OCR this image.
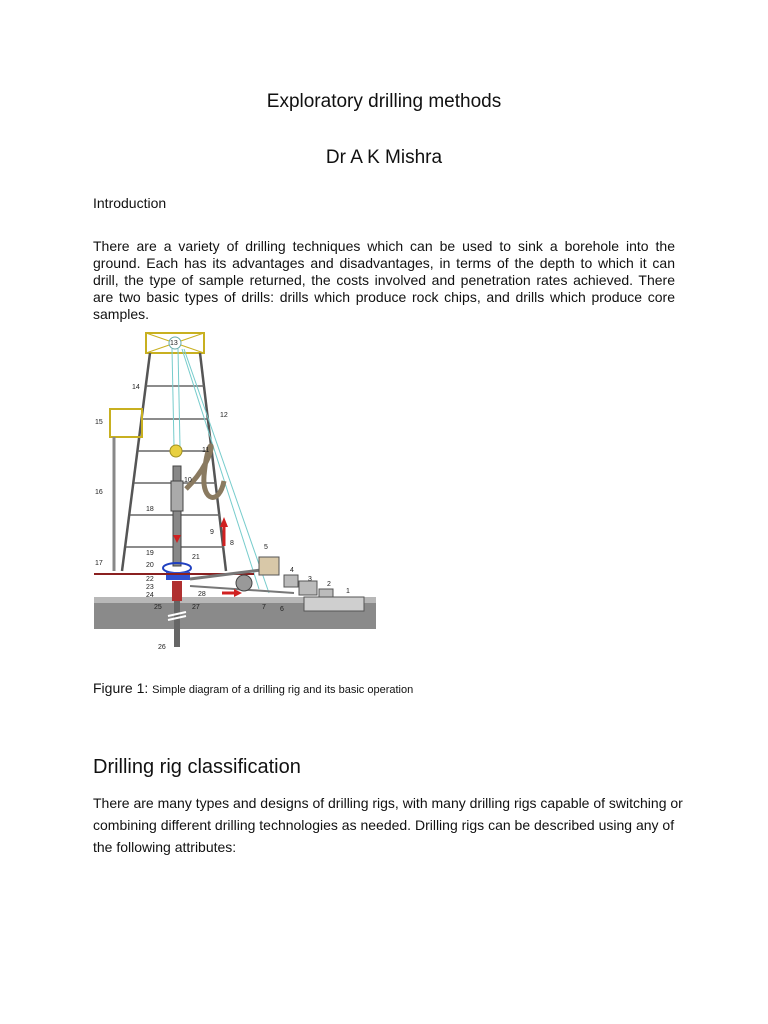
Exploratory drilling methods
Dr A K Mishra
Introduction
There are a variety of drilling techniques which can be used to sink a borehole into the ground. Each has its advantages and disadvantages, in terms of the depth to which it can drill, the type of sample returned, the costs involved and penetration rates achieved. There are two basic types of drills: drills which produce rock chips, and drills which produce core samples.
1
2
3
4
5
6
7
8
9
10
11
12
13
14
15
16
17
18
19
20
21
22
23
24
25
26
27
28
Figure 1: Simple diagram of a drilling rig and its basic operation
Drilling rig classification
There are many types and designs of drilling rigs, with many drilling rigs capable of switching or combining different drilling technologies as needed. Drilling rigs can be described using any of the following attributes:
